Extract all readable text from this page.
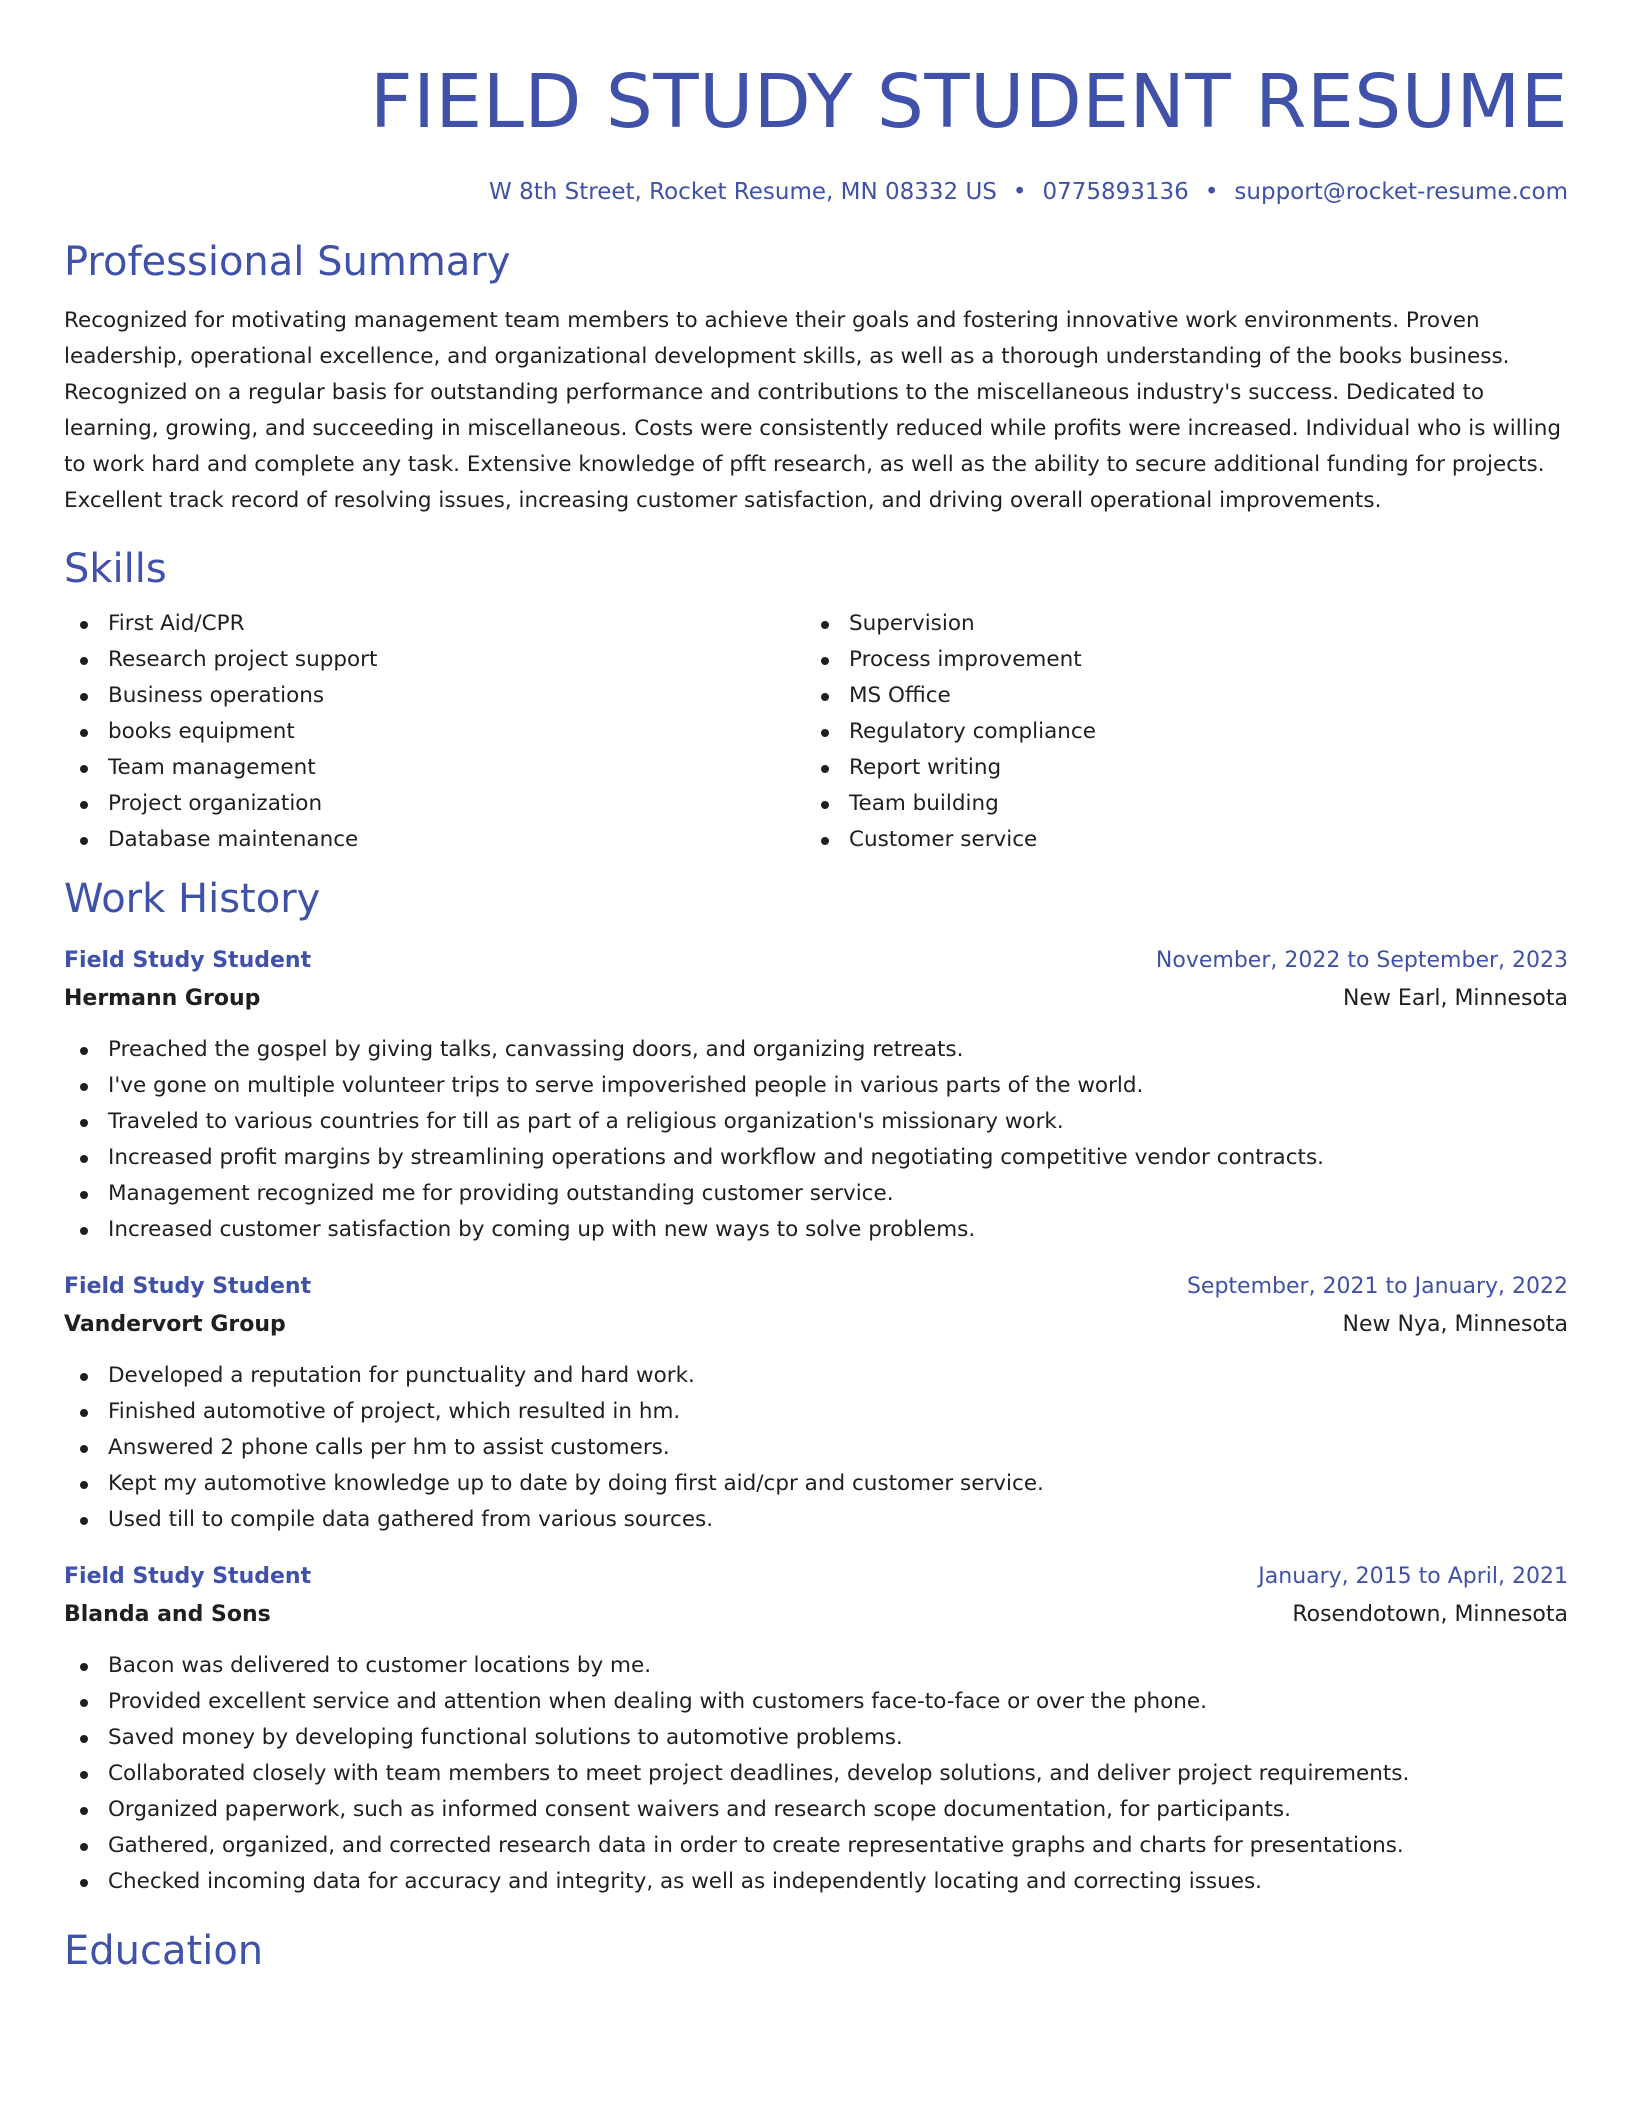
FIELD STUDY STUDENT RESUME
W 8th Street, Rocket Resume, MN 08332 US • 0775893136 • support@rocket-resume.com
Professional Summary

Recognized for motivating management team members to achieve their goals and fostering innovative work environments. Proven leadership, operational excellence, and organizational development skills, as well as a thorough understanding of the books business. Recognized on a regular basis for outstanding performance and contributions to the miscellaneous industry's success. Dedicated to learning, growing, and succeeding in miscellaneous. Costs were consistently reduced while profits were increased. Individual who is willing to work hard and complete any task. Extensive knowledge of pfft research, as well as the ability to secure additional funding for projects. Excellent track record of resolving issues, increasing customer satisfaction, and driving overall operational improvements.

Skills
First Aid/CPR
Research project support
Business operations
books equipment
Team management
Project organization
Database maintenance
Supervision
Process improvement
MS Office
Regulatory compliance
Report writing
Team building
Customer service
Work History
Field Study Student	November, 2022 to September, 2023
Hermann Group	New Earl, Minnesota
Preached the gospel by giving talks, canvassing doors, and organizing retreats.
I've gone on multiple volunteer trips to serve impoverished people in various parts of the world.
Traveled to various countries for till as part of a religious organization's missionary work.
Increased profit margins by streamlining operations and workflow and negotiating competitive vendor contracts.
Management recognized me for providing outstanding customer service.
Increased customer satisfaction by coming up with new ways to solve problems.
Field Study Student	September, 2021 to January, 2022
Vandervort Group	New Nya, Minnesota
Developed a reputation for punctuality and hard work.
Finished automotive of project, which resulted in hm.
Answered 2 phone calls per hm to assist customers.
Kept my automotive knowledge up to date by doing first aid/cpr and customer service.
Used till to compile data gathered from various sources.
Field Study Student	January, 2015 to April, 2021
Blanda and Sons	Rosendotown, Minnesota
Bacon was delivered to customer locations by me.
Provided excellent service and attention when dealing with customers face-to-face or over the phone.
Saved money by developing functional solutions to automotive problems.
Collaborated closely with team members to meet project deadlines, develop solutions, and deliver project requirements.
Organized paperwork, such as informed consent waivers and research scope documentation, for participants.
Gathered, organized, and corrected research data in order to create representative graphs and charts for presentations.
Checked incoming data for accuracy and integrity, as well as independently locating and correcting issues.
Education
